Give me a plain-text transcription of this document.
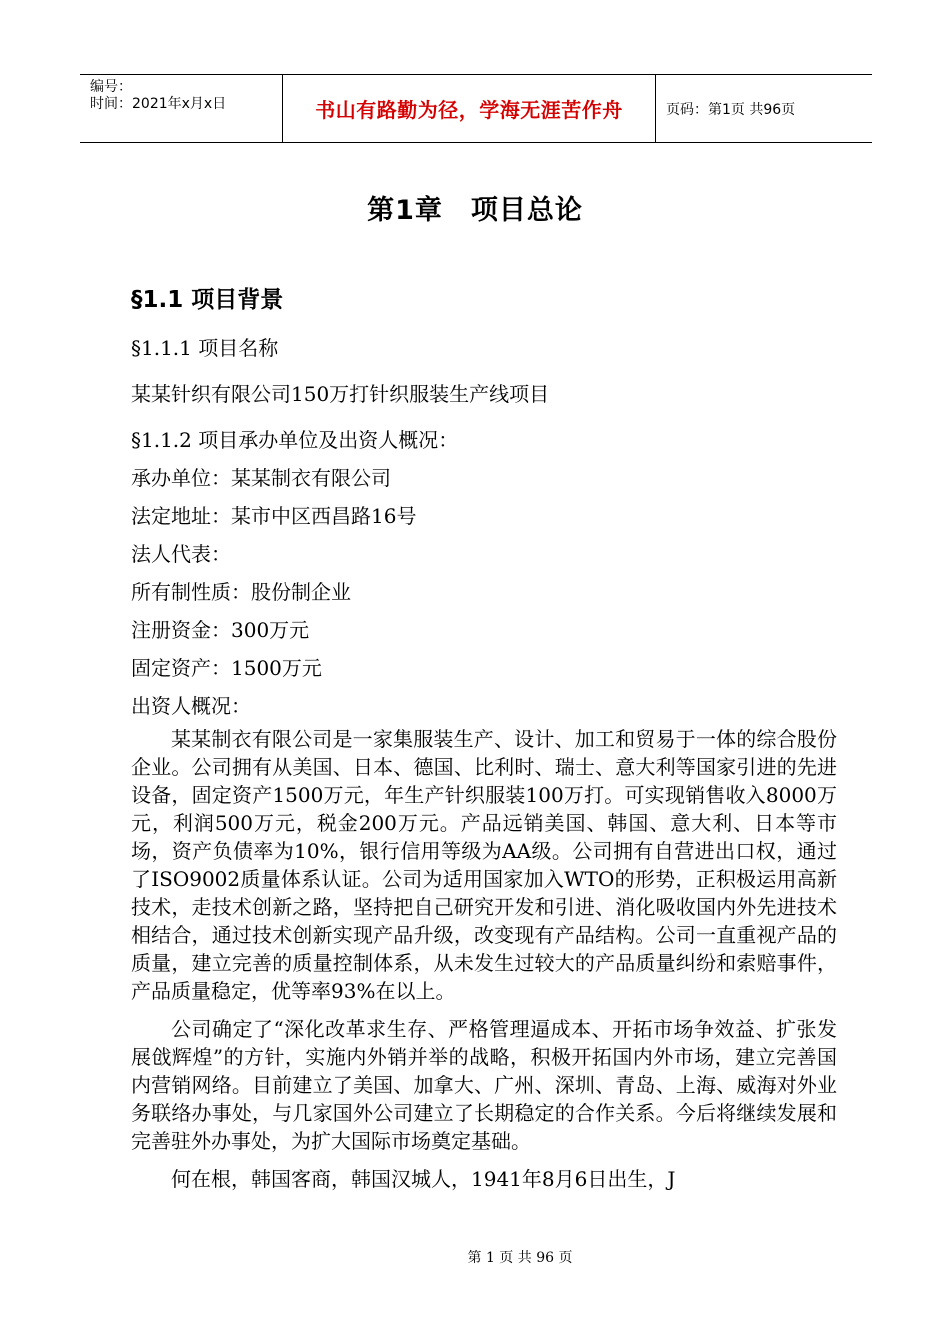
编号：
时间：2021年x月x日	书山有路勤为径，学海无涯苦作舟	页码：第1页 共96页
第1章　项目总论
§1.1 项目背景

§1.1.1 项目名称

某某针织有限公司150万打针织服装生产线项目

§1.1.2 项目承办单位及出资人概况：

承办单位：某某制衣有限公司

法定地址：某市中区西昌路16号

法人代表：

所有制性质：股份制企业

注册资金：300万元

固定资产：1500万元

出资人概况：

某某制衣有限公司是一家集服装生产、设计、加工和贸易于一体的综合股份企业。公司拥有从美国、日本、德国、比利时、瑞士、意大利等国家引进的先进设备，固定资产1500万元，年生产针织服装100万打。可实现销售收入8000万元，利润500万元，税金200万元。产品远销美国、韩国、意大利、日本等市场，资产负债率为10%，银行信用等级为AA级。公司拥有自营进出口权，通过了ISO9002质量体系认证。公司为适用国家加入WTO的形势，正积极运用高新技术，走技术创新之路，坚持把自己研究开发和引进、消化吸收国内外先进技术相结合，通过技术创新实现产品升级，改变现有产品结构。公司一直重视产品的质量，建立完善的质量控制体系，从未发生过较大的产品质量纠纷和索赔事件，产品质量稳定，优等率93%在以上。

公司确定了“深化改革求生存、严格管理逼成本、开拓市场争效益、扩张发展戗辉煌”的方针，实施内外销并举的战略，积极开拓国内外市场，建立完善国内营销网络。目前建立了美国、加拿大、广州、深圳、青岛、上海、威海对外业务联络办事处，与几家国外公司建立了长期稳定的合作关系。今后将继续发展和完善驻外办事处，为扩大国际市场奠定基础。

何在根，韩国客商，韩国汉城人，1941年8月6日出生，J

第 1 页 共 96 页
